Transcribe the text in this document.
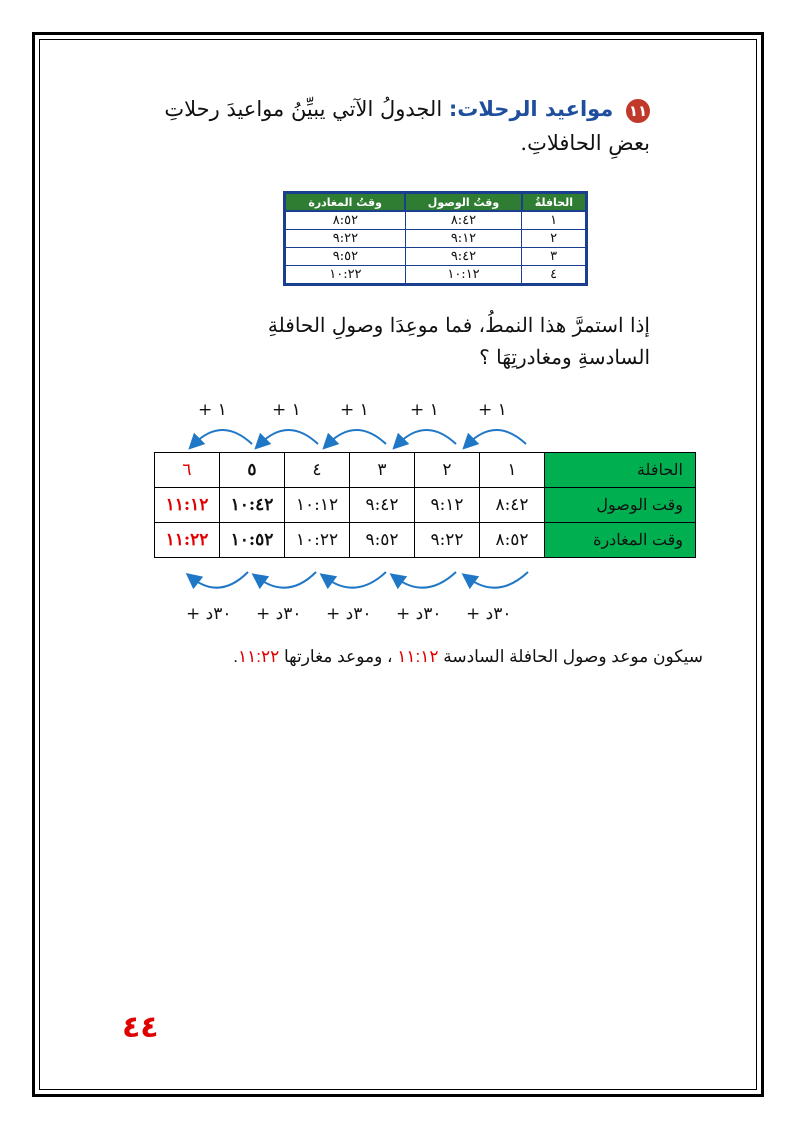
١١ مواعيد الرحلات: الجدولُ الآتي يبيِّنُ مواعيدَ رحلاتِ بعضِ الحافلاتِ.
الحافلةُ	وقتُ الوصول	وقتُ المغادرة
١	٨:٤٢	٨:٥٢
٢	٩:١٢	٩:٢٢
٣	٩:٤٢	٩:٥٢
٤	١٠:١٢	١٠:٢٢
إذا استمرَّ هذا النمطُ، فما موعِدَا وصولِ الحافلةِ السادسةِ ومغادرتِهَا ؟
+ ١	+ ١ + ١ + ١ + ١
الحافلة	١	٢	٣	٤	٥	٦
وقت الوصول	٨:٤٢	٩:١٢	٩:٤٢	١٠:١٢	١٠:٤٢	١١:١٢
وقت المغادرة	٨:٥٢	٩:٢٢	٩:٥٢	١٠:٢٢	١٠:٥٢	١١:٢٢
+ ٣٠د + ٣٠د + ٣٠د + ٣٠د + ٣٠د
سيكون موعد وصول الحافلة السادسة ١١:١٢ ، وموعد مغارتها ١١:٢٢.
٤٤
